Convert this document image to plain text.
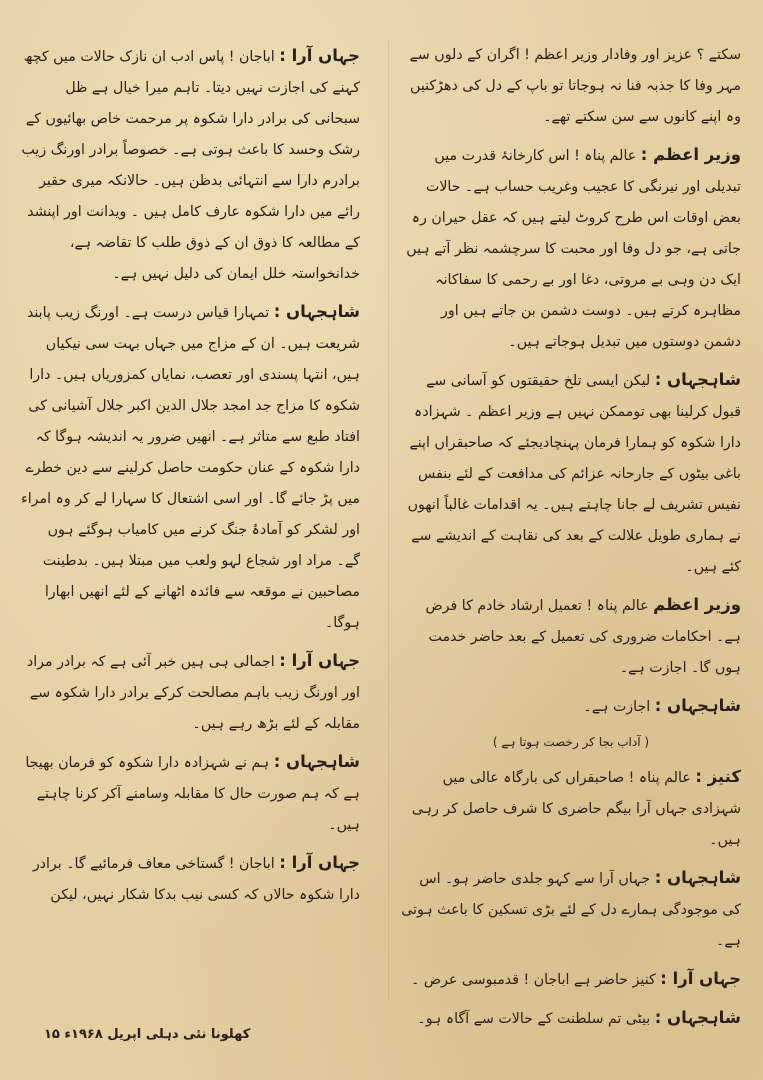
سکتے ؟ عزیز اور وفادار وزیر اعظم ! اگران کے دلوں سے مہر وفا کا جذبہ فنا نہ ہوجاتا تو باپ کے دل کی دھڑکنیں وہ اپنے کانوں سے سن سکتے تھے۔

وزیر اعظم : عالم پناہ ! اس کارخانۂ قدرت میں تبدیلی اور نیرنگی کا عجیب وغریب حساب ہے۔ حالات بعض اوقات اس طرح کروٹ لیتے ہیں کہ عقل حیران رہ جاتی ہے، جو دل وفا اور محبت کا سرچشمہ نظر آتے ہیں ایک دن وہی بے مروتی، دغا اور بے رحمی کا سفاکانہ مظاہرہ کرتے ہیں۔ دوست دشمن بن جاتے ہیں اور دشمن دوستوں میں تبدیل ہوجاتے ہیں۔

شاہجہاں : لیکن ایسی تلخ حقیقتوں کو آسانی سے قبول کرلینا بھی توممکن نہیں ہے وزیر اعظم ۔ شہزادہ دارا شکوہ کو ہمارا فرمان پہنچادیجئے کہ صاحبقراں اپنے باغی بیٹوں کے جارحانہ عزائم کی مدافعت کے لئے بنفس نفیس تشریف لے جانا چاہتے ہیں۔ یہ اقدامات غالباً انھوں نے ہماری طویل علالت کے بعد کی نقاہت کے اندیشے سے کئے ہیں۔

وزیر اعظم عالم پناہ ! تعمیل ارشاد خادم کا فرض ہے۔ احکامات ضروری کی تعمیل کے بعد حاضر خدمت ہوں گا۔ اجازت ہے۔

شاہجہاں : اجازت ہے۔

( آداب بجا کر رخصت ہوتا ہے )

کنیز : عالم پناہ ! صاحبقراں کی بارگاہ عالی میں شہزادی جہاں آرا بیگم حاضری کا شرف حاصل کر رہی ہیں۔

شاہجہاں : جہاں آرا سے کہو جلدی حاضر ہو۔ اس کی موجودگی ہمارے دل کے لئے بڑی تسکین کا باعث ہوتی ہے۔

جہاں آرا : کنیز حاضر ہے اباجان ! قدمبوسی عرض ۔

شاہجہاں : بیٹی تم سلطنت کے حالات سے آگاہ ہو۔

جہاں آرا : اباجان ! پاس ادب ان نازک حالات میں کچھ کہنے کی اجازت نہیں دیتا۔ تاہم میرا خیال ہے ظل سبحانی کی برادر دارا شکوہ پر مرحمت خاص بھائیوں کے رشک وحسد کا باعث ہوتی ہے۔ خصوصاً برادر اورنگ زیب برادرم دارا سے انتہائی بدظن ہیں۔ حالانکہ میری حقیر رائے میں دارا شکوہ عارف کامل ہیں ۔ ویدانت اور اپنشد کے مطالعہ کا ذوق ان کے ذوق طلب کا تقاضہ ہے، خدانخواستہ خلل ایمان کی دلیل نہیں ہے۔

شاہجہاں : تمہارا قیاس درست ہے۔ اورنگ زیب پابند شریعت ہیں۔ ان کے مزاج میں جہاں بہت سی نیکیاں ہیں، انتہا پسندی اور تعصب، نمایاں کمزوریاں ہیں۔ دارا شکوہ کا مزاج جد امجد جلال الدین اکبر جلال آشیانی کی افتاد طبع سے متاثر ہے۔ انھیں ضرور یہ اندیشہ ہوگا کہ دارا شکوہ کے عنان حکومت حاصل کرلینے سے دین خطرے میں پڑ جائے گا۔ اور اسی اشتعال کا سہارا لے کر وہ امراء اور لشکر کو آمادۂ جنگ کرنے میں کامیاب ہوگئے ہوں گے۔ مراد اور شجاع لہو ولعب میں مبتلا ہیں۔ بدطینت مصاحبین نے موقعہ سے فائدہ اٹھانے کے لئے انھیں ابھارا ہوگا۔

جہاں آرا : اجمالی ہی ہیں خبر آئی ہے کہ برادر مراد اور اورنگ زیب باہم مصالحت کرکے برادر دارا شکوہ سے مقابلہ کے لئے بڑھ رہے ہیں۔

شاہجہاں : ہم نے شہزادہ دارا شکوہ کو فرمان بھیجا ہے کہ ہم صورت حال کا مقابلہ وسامنے آکر کرنا چاہتے ہیں۔

جہاں آرا : اباجان ! گستاخی معاف فرمائیے گا۔ برادر دارا شکوہ حالاں کہ کسی نیب بدکا شکار نہیں، لیکن

کھلونا نئی دہلی اپریل ۱۹۶۸ء ۱۵
